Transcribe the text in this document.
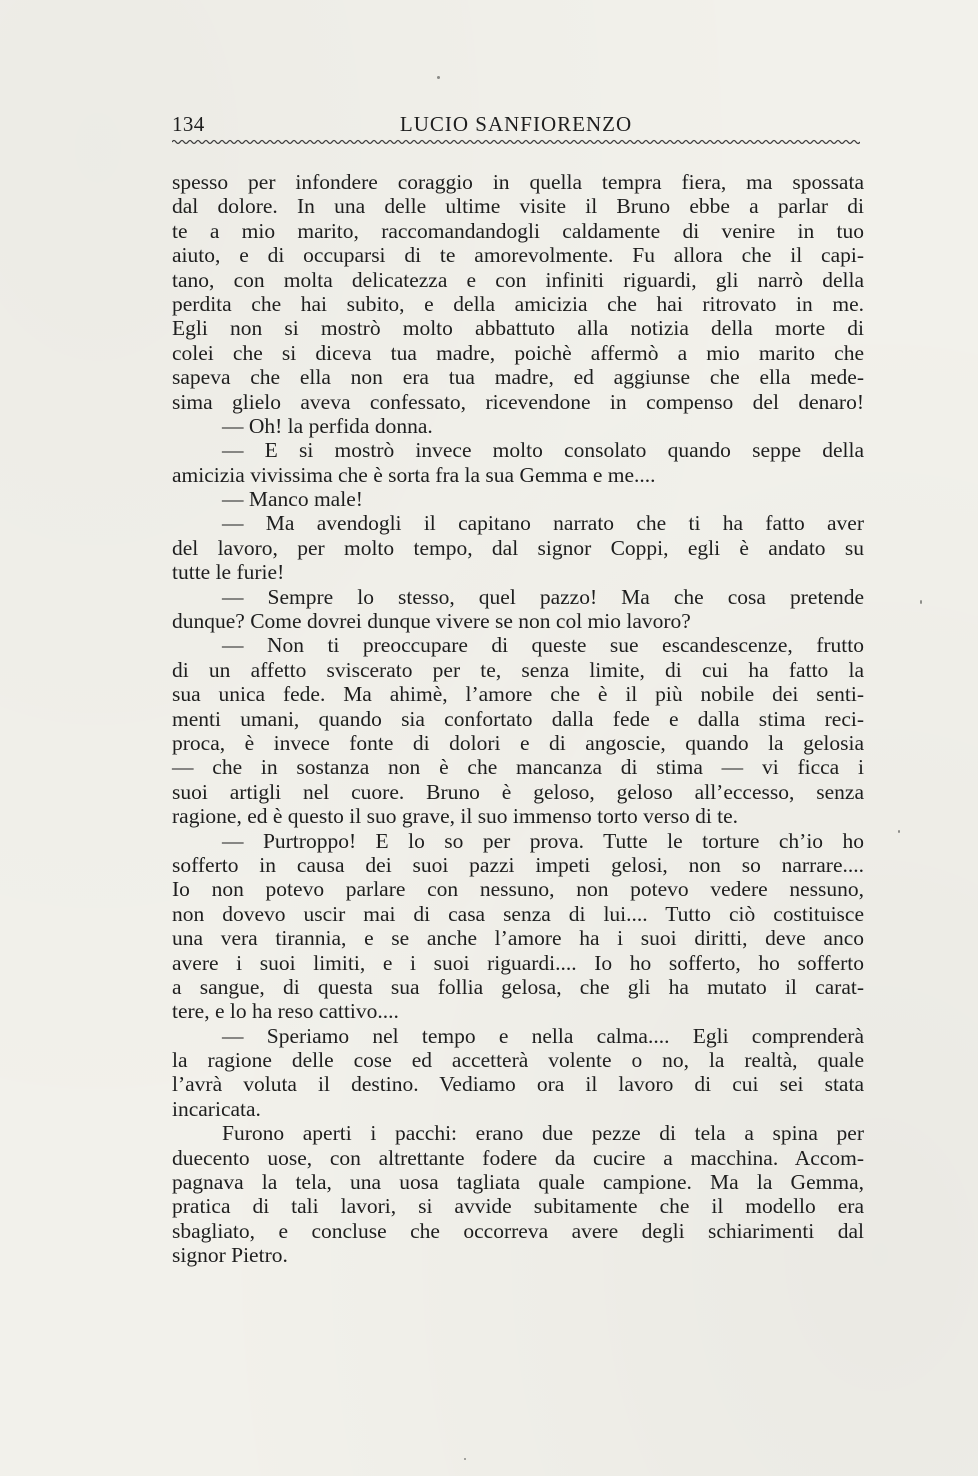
134	LUCIO SANFIORENZO
spesso per infondere coraggio in quella tempra fiera, ma spossata
dal dolore. In una delle ultime visite il Bruno ebbe a parlar di
te a mio marito, raccomandandogli caldamente di venire in tuo
aiuto, e di occuparsi di te amorevolmente. Fu allora che il capi-
tano, con molta delicatezza e con infiniti riguardi, gli narrò della
perdita che hai subito, e della amicizia che hai ritrovato in me.
Egli non si mostrò molto abbattuto alla notizia della morte di
colei che si diceva tua madre, poichè affermò a mio marito che
sapeva che ella non era tua madre, ed aggiunse che ella mede-
sima glielo aveva confessato, ricevendone in compenso del denaro!
— Oh! la perfida donna.
— E si mostrò invece molto consolato quando seppe della
amicizia vivissima che è sorta fra la sua Gemma e me....
— Manco male!
— Ma avendogli il capitano narrato che ti ha fatto aver
del lavoro, per molto tempo, dal signor Coppi, egli è andato su
tutte le furie!
— Sempre lo stesso, quel pazzo! Ma che cosa pretende
dunque? Come dovrei dunque vivere se non col mio lavoro?
— Non ti preoccupare di queste sue escandescenze, frutto
di un affetto sviscerato per te, senza limite, di cui ha fatto la
sua unica fede. Ma ahimè, l’amore che è il più nobile dei senti-
menti umani, quando sia confortato dalla fede e dalla stima reci-
proca, è invece fonte di dolori e di angoscie, quando la gelosia
— che in sostanza non è che mancanza di stima — vi ficca i
suoi artigli nel cuore. Bruno è geloso, geloso all’eccesso, senza
ragione, ed è questo il suo grave, il suo immenso torto verso di te.
— Purtroppo! E lo so per prova. Tutte le torture ch’io ho
sofferto in causa dei suoi pazzi impeti gelosi, non so narrare....
Io non potevo parlare con nessuno, non potevo vedere nessuno,
non dovevo uscir mai di casa senza di lui.... Tutto ciò costituisce
una vera tirannia, e se anche l’amore ha i suoi diritti, deve anco
avere i suoi limiti, e i suoi riguardi.... Io ho sofferto, ho sofferto
a sangue, di questa sua follia gelosa, che gli ha mutato il carat-
tere, e lo ha reso cattivo....
— Speriamo nel tempo e nella calma.... Egli comprenderà
la ragione delle cose ed accetterà volente o no, la realtà, quale
l’avrà voluta il destino. Vediamo ora il lavoro di cui sei stata
incaricata.
Furono aperti i pacchi: erano due pezze di tela a spina per
duecento uose, con altrettante fodere da cucire a macchina. Accom-
pagnava la tela, una uosa tagliata quale campione. Ma la Gemma,
pratica di tali lavori, si avvide subitamente che il modello era
sbagliato, e concluse che occorreva avere degli schiarimenti dal
signor Pietro.
